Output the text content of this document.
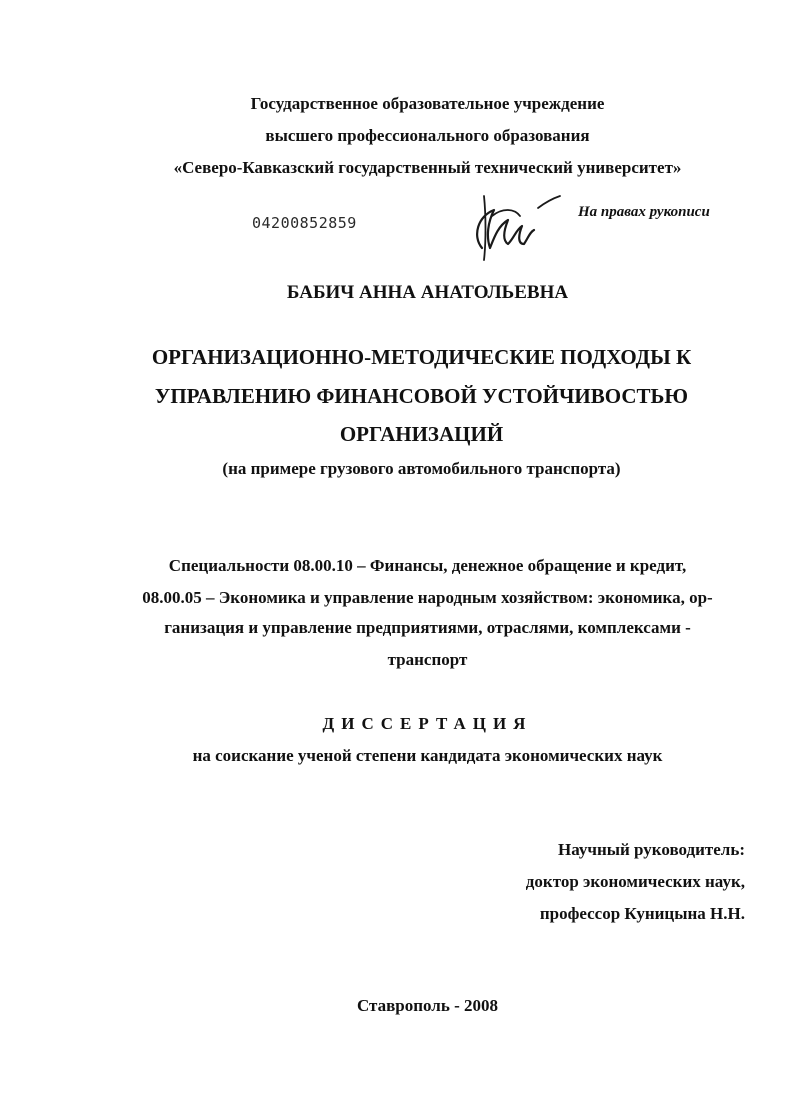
Государственное образовательное учреждение
высшего профессионального образования
«Северо-Кавказский государственный технический университет»
04200852859
На правах рукописи
БАБИЧ АННА АНАТОЛЬЕВНА
ОРГАНИЗАЦИОННО-МЕТОДИЧЕСКИЕ ПОДХОДЫ К
УПРАВЛЕНИЮ ФИНАНСОВОЙ УСТОЙЧИВОСТЬЮ
ОРГАНИЗАЦИЙ
(на примере грузового автомобильного транспорта)
Специальности 08.00.10 – Финансы, денежное обращение и кредит,
08.00.05 – Экономика и управление народным хозяйством: экономика, ор-
ганизация и управление предприятиями, отраслями, комплексами -
транспорт
ДИССЕРТАЦИЯ
на соискание ученой степени кандидата экономических наук
Научный руководитель:
доктор экономических наук,
профессор Куницына Н.Н.
Ставрополь - 2008
